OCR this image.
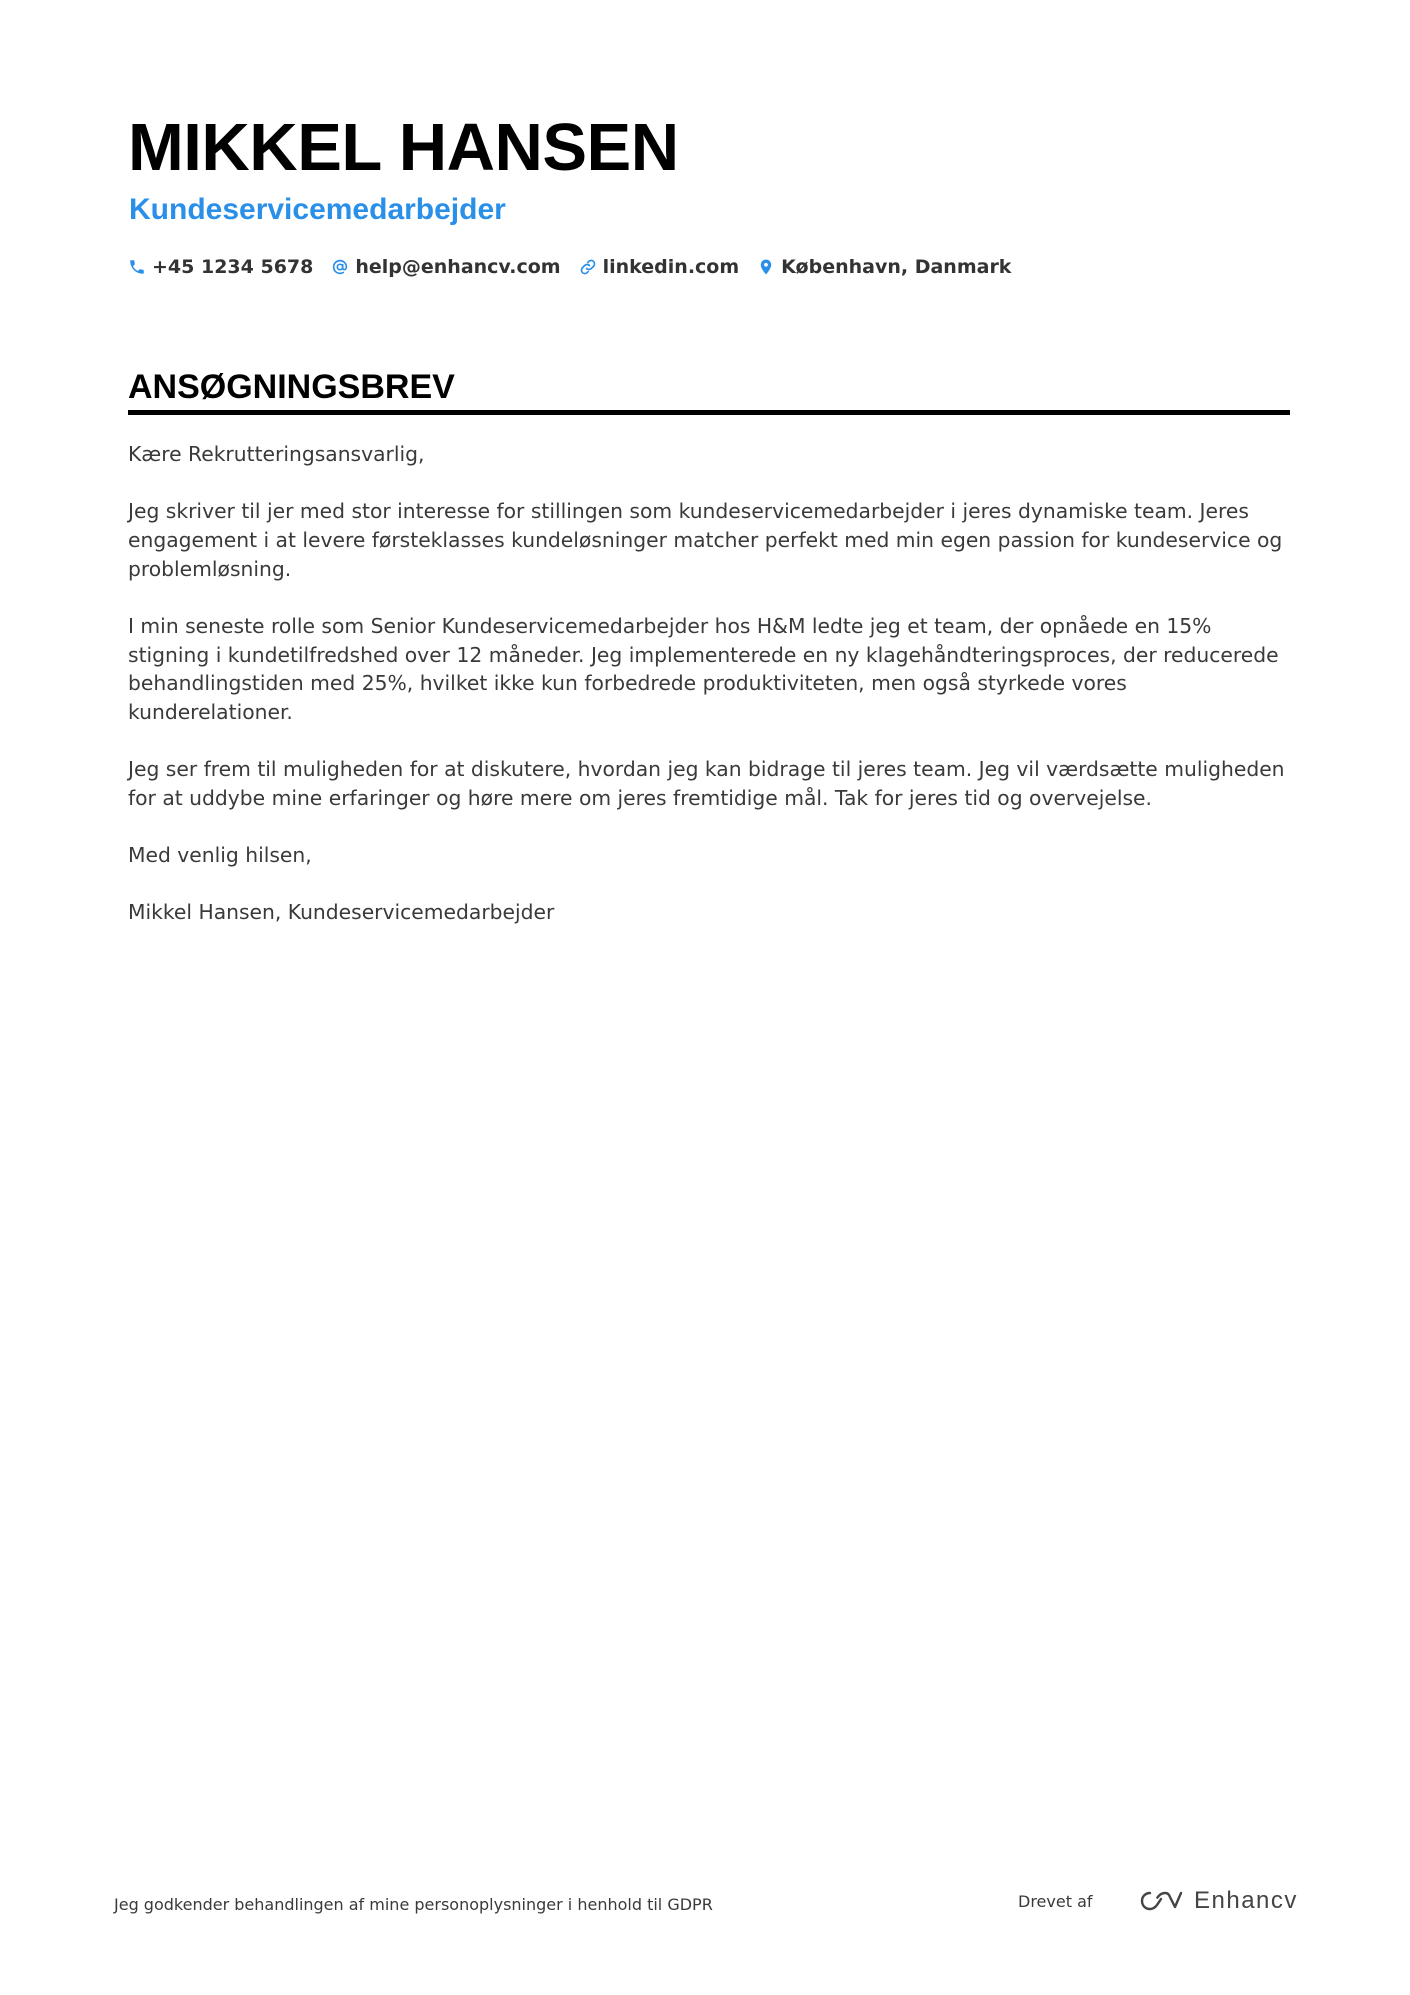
MIKKEL HANSEN
Kundeservicemedarbejder
+45 1234 5678 help@enhancv.com linkedin.com København, Danmark
ANSØGNINGSBREV

Kære Rekrutteringsansvarlig,

Jeg skriver til jer med stor interesse for stillingen som kundeservicemedarbejder i jeres dynamiske team. Jeres engagement i at levere førsteklasses kundeløsninger matcher perfekt med min egen passion for kundeservice og problemløsning.

I min seneste rolle som Senior Kundeservicemedarbejder hos H&M ledte jeg et team, der opnåede en 15% stigning i kundetilfredshed over 12 måneder. Jeg implementerede en ny klagehåndteringsproces, der reducerede behandlingstiden med 25%, hvilket ikke kun forbedrede produktiviteten, men også styrkede vores kunderelationer.

Jeg ser frem til muligheden for at diskutere, hvordan jeg kan bidrage til jeres team. Jeg vil værdsætte muligheden for at uddybe mine erfaringer og høre mere om jeres fremtidige mål. Tak for jeres tid og overvejelse.

Med venlig hilsen,

Mikkel Hansen, Kundeservicemedarbejder

Jeg godkender behandlingen af mine personoplysninger i henhold til GDPR	Drevet af	Enhancv
